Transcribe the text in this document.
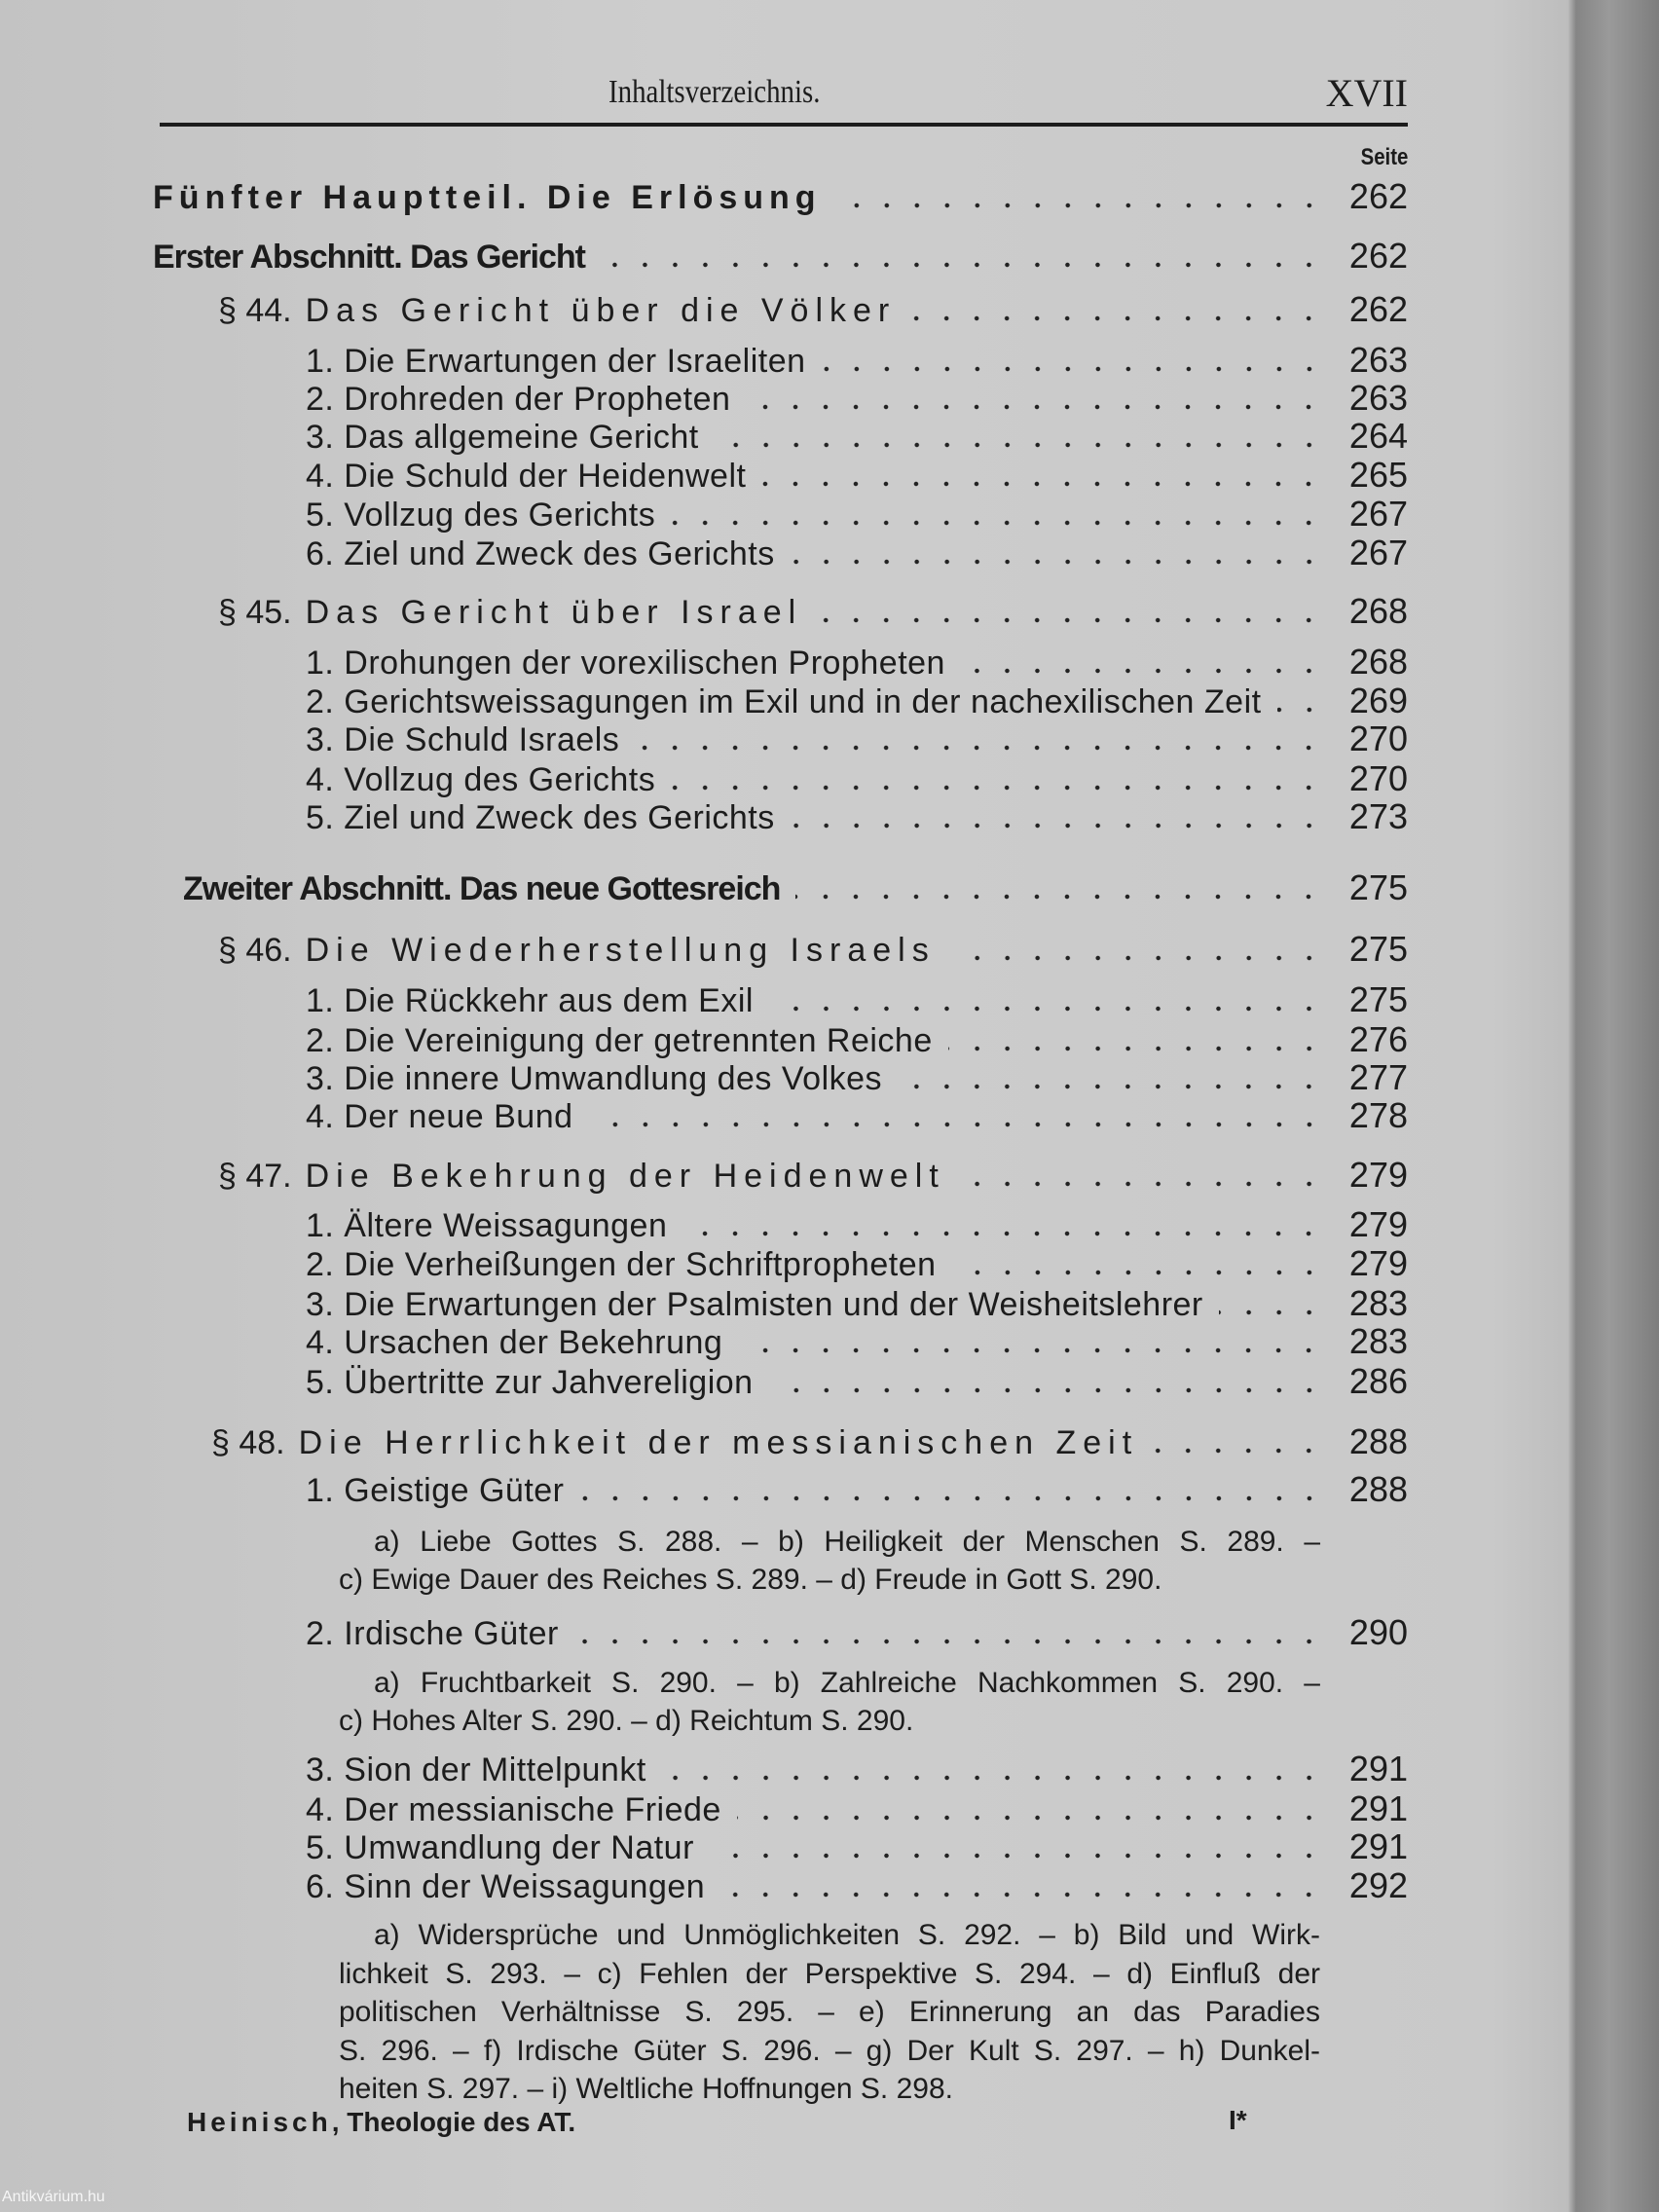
Inhaltsverzeichnis.	XVII
Seite
Fünfter Hauptteil. Die Erlösung	262
Erster Abschnitt. Das Gericht	262
§ 44. Das Gericht über die Völker	262
1. Die Erwartungen der Israeliten	263
2. Drohreden der Propheten	263
3. Das allgemeine Gericht	264
4. Die Schuld der Heidenwelt	265
5. Vollzug des Gerichts	267
6. Ziel und Zweck des Gerichts	267
§ 45. Das Gericht über Israel	268
1. Drohungen der vorexilischen Propheten	268
2. Gerichtsweissagungen im Exil und in der nachexilischen Zeit	269
3. Die Schuld Israels	270
4. Vollzug des Gerichts	270
5. Ziel und Zweck des Gerichts	273
Zweiter Abschnitt. Das neue Gottesreich	275
§ 46. Die Wiederherstellung Israels	275
1. Die Rückkehr aus dem Exil	275
2. Die Vereinigung der getrennten Reiche	276
3. Die innere Umwandlung des Volkes	277
4. Der neue Bund	278
§ 47. Die Bekehrung der Heidenwelt	279
1. Ältere Weissagungen	279
2. Die Verheißungen der Schriftpropheten	279
3. Die Erwartungen der Psalmisten und der Weisheitslehrer	283
4. Ursachen der Bekehrung	283
5. Übertritte zur Jahvereligion	286
§ 48. Die Herrlichkeit der messianischen Zeit	288
1. Geistige Güter	288
2. Irdische Güter	290
3. Sion der Mittelpunkt	291
4. Der messianische Friede	291
5. Umwandlung der Natur	291
6. Sinn der Weissagungen	292
a) Liebe Gottes S. 288. – b) Heiligkeit der Menschen S. 289. –
c) Ewige Dauer des Reiches S. 289. – d) Freude in Gott S. 290.
a) Fruchtbarkeit S. 290. – b) Zahlreiche Nachkommen S. 290. –
c) Hohes Alter S. 290. – d) Reichtum S. 290.
a) Widersprüche und Unmöglichkeiten S. 292. – b) Bild und Wirk-
lichkeit S. 293. – c) Fehlen der Perspektive S. 294. – d) Einfluß der
politischen Verhältnisse S. 295. – e) Erinnerung an das Paradies
S. 296. – f) Irdische Güter S. 296. – g) Der Kult S. 297. – h) Dunkel-
heiten S. 297. – i) Weltliche Hoffnungen S. 298.
Heinisch, Theologie des AT.	I*
Antikvárium.hu
